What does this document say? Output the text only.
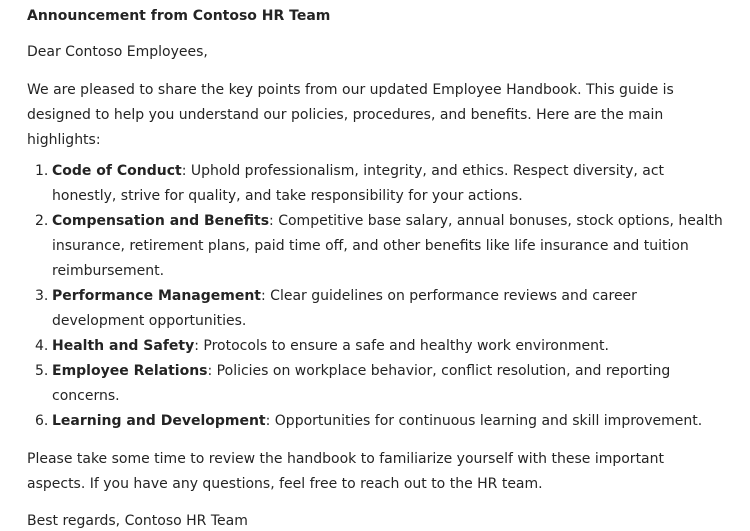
Announcement from Contoso HR Team

Dear Contoso Employees,

We are pleased to share the key points from our updated Employee Handbook. This guide is designed to help you understand our policies, procedures, and benefits. Here are the main highlights:

1. Code of Conduct: Uphold professionalism, integrity, and ethics. Respect diversity, act honestly, strive for quality, and take responsibility for your actions.
2. Compensation and Benefits: Competitive base salary, annual bonuses, stock options, health insurance, retirement plans, paid time off, and other benefits like life insurance and tuition reimbursement.
3. Performance Management: Clear guidelines on performance reviews and career development opportunities.
4. Health and Safety: Protocols to ensure a safe and healthy work environment.
5. Employee Relations: Policies on workplace behavior, conflict resolution, and reporting concerns.
6. Learning and Development: Opportunities for continuous learning and skill improvement.

Please take some time to review the handbook to familiarize yourself with these important aspects. If you have any questions, feel free to reach out to the HR team.

Best regards, Contoso HR Team
